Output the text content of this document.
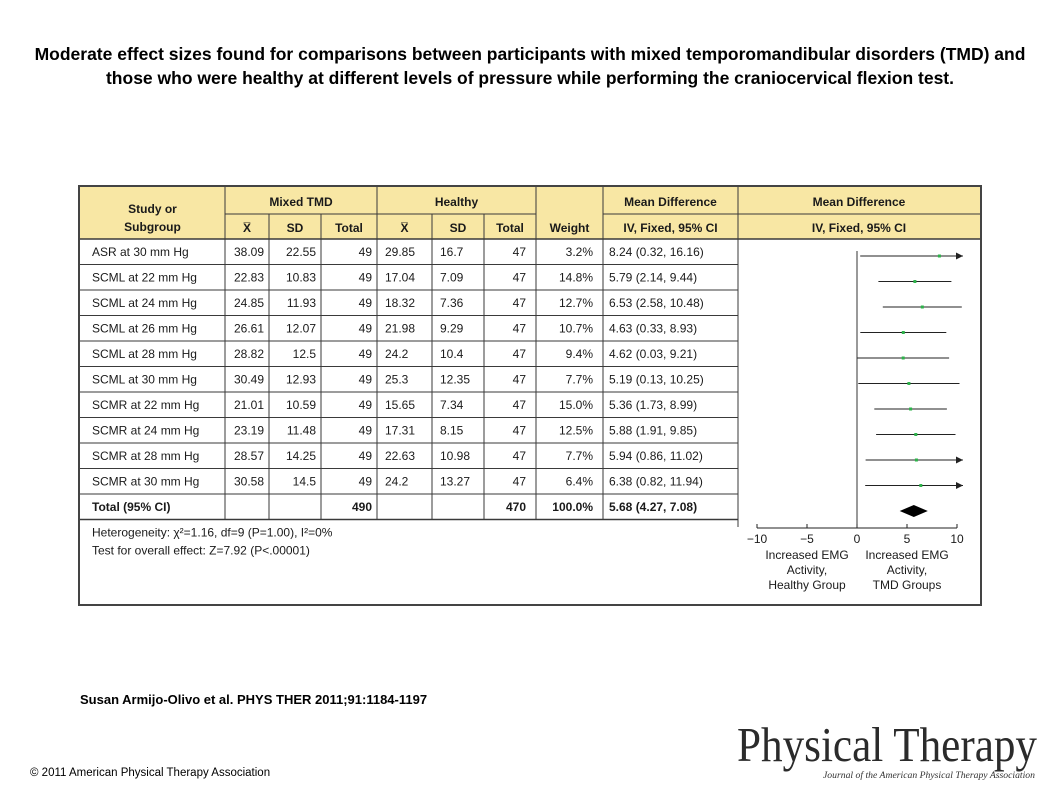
Moderate effect sizes found for comparisons between participants with mixed temporomandibular disorders (TMD) and those who were healthy at different levels of pressure while performing the craniocervical flexion test.
Study or
Subgroup
Mixed TMD	Healthy
X̅	SD	Total	X̅	SD Total Weight
Mean Difference
IV, Fixed, 95% CI
Mean Difference
IV, Fixed, 95% CI
ASR at 30 mm Hg	38.09 22.55	49 29.85 16.7	47	3.2% 8.24 (0.32, 16.16)
SCML at 22 mm Hg	22.83 10.83	49 17.04 7.09	47	14.8% 5.79 (2.14, 9.44)
SCML at 24 mm Hg	24.85 11.93	49 18.32 7.36	47	12.7% 6.53 (2.58, 10.48)
SCML at 26 mm Hg	26.61 12.07	49 21.98 9.29	47	10.7% 4.63 (0.33, 8.93)
SCML at 28 mm Hg	28.82 12.5	49 24.2	10.4	47	9.4% 4.62 (0.03, 9.21)
SCML at 30 mm Hg	30.49 12.93	49 25.3	12.35	47	7.7% 5.19 (0.13, 10.25)
SCMR at 22 mm Hg	21.01 10.59	49 15.65 7.34	47	15.0% 5.36 (1.73, 8.99)
SCMR at 24 mm Hg	23.19 11.48	49 17.31 8.15	47	12.5% 5.88 (1.91, 9.85)
SCMR at 28 mm Hg	28.57 14.25	49 22.63 10.98	47	7.7% 5.94 (0.86, 11.02)
SCMR at 30 mm Hg	30.58 14.5	49 24.2	13.27	47	6.4% 6.38 (0.82, 11.94)
Total (95% CI)	490	470 100.0% 5.68 (4.27, 7.08)
Heterogeneity: χ²=1.16, df=9 (P=1.00), I²=0%
Test for overall effect: Z=7.92 (P<.00001)
−10	−5	0	5	10
Increased EMG
Activity,
Healthy Group
Increased EMG
Activity,
TMD Groups
Susan Armijo-Olivo et al. PHYS THER 2011;91:1184-1197
© 2011 American Physical Therapy Association
Physical Therapy
Journal of the American Physical Therapy Association
